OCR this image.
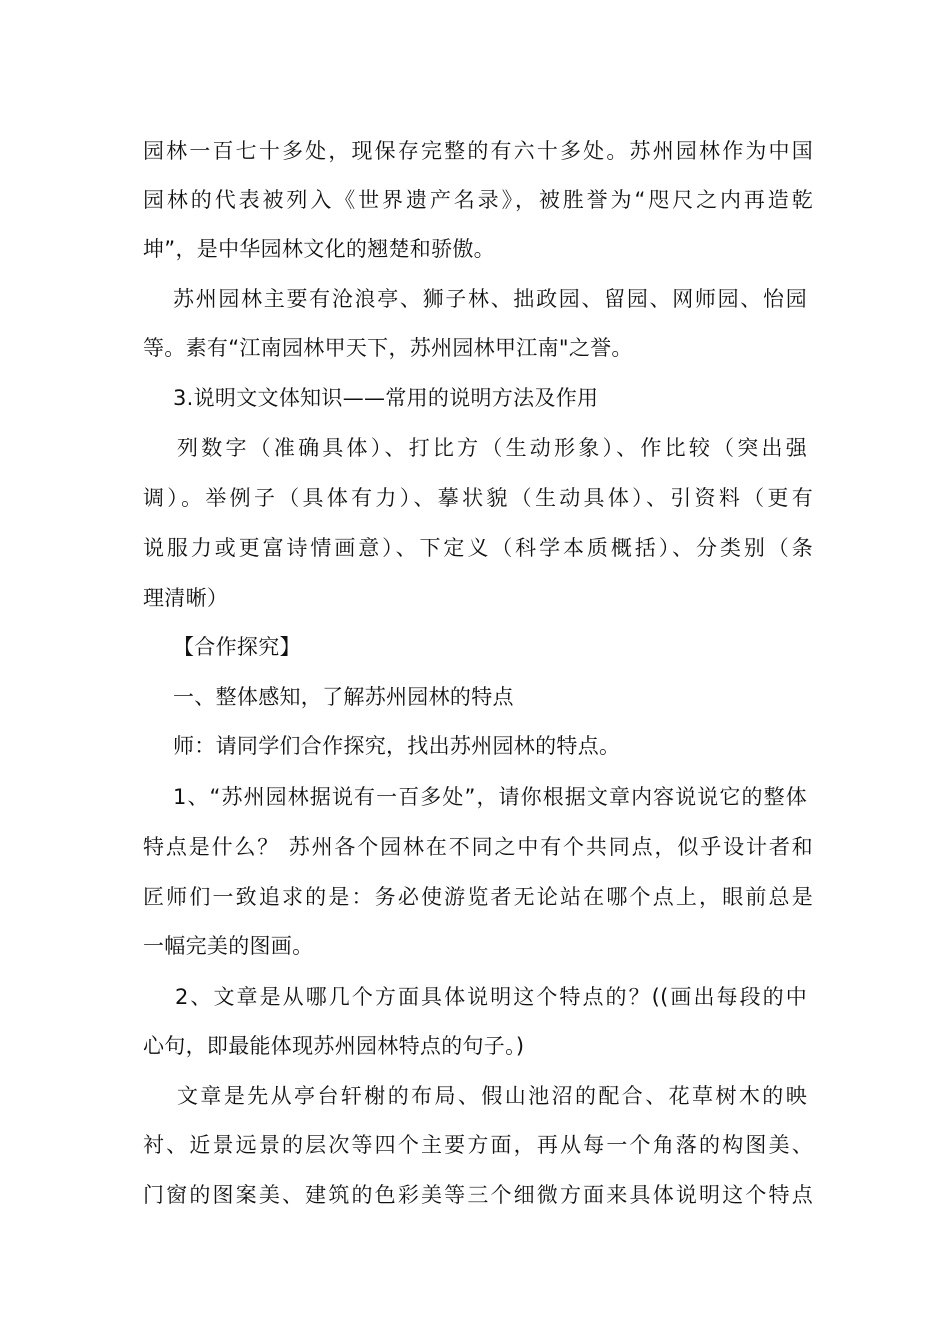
园林一百七十多处，现保存完整的有六十多处。苏州园林作为中国
园林的代表被列入《世界遗产名录》，被胜誉为“咫尺之内再造乾
坤”，是中华园林文化的翘楚和骄傲。
苏州园林主要有沧浪亭、狮子林、拙政园、留园、网师园、怡园
等。素有“江南园林甲天下，苏州园林甲江南"之誉。
3.说明文文体知识——常用的说明方法及作用
列数字（准确具体）、打比方（生动形象）、作比较（突出强
调）。举例子（具体有力）、摹状貌（生动具体）、引资料（更有
说服力或更富诗情画意）、下定义（科学本质概括）、分类别（条
理清晰）
【合作探究】
一、整体感知，了解苏州园林的特点
师：请同学们合作探究，找出苏州园林的特点。
1、“苏州园林据说有一百多处”，请你根据文章内容说说它的整体
特点是什么？ 苏州各个园林在不同之中有个共同点，似乎设计者和
匠师们一致追求的是：务必使游览者无论站在哪个点上，眼前总是
一幅完美的图画。
2、文章是从哪几个方面具体说明这个特点的？((画出每段的中
心句，即最能体现苏州园林特点的句子。)
文章是先从亭台轩榭的布局、假山池沼的配合、花草树木的映
衬、近景远景的层次等四个主要方面，再从每一个角落的构图美、
门窗的图案美、建筑的色彩美等三个细微方面来具体说明这个特点
